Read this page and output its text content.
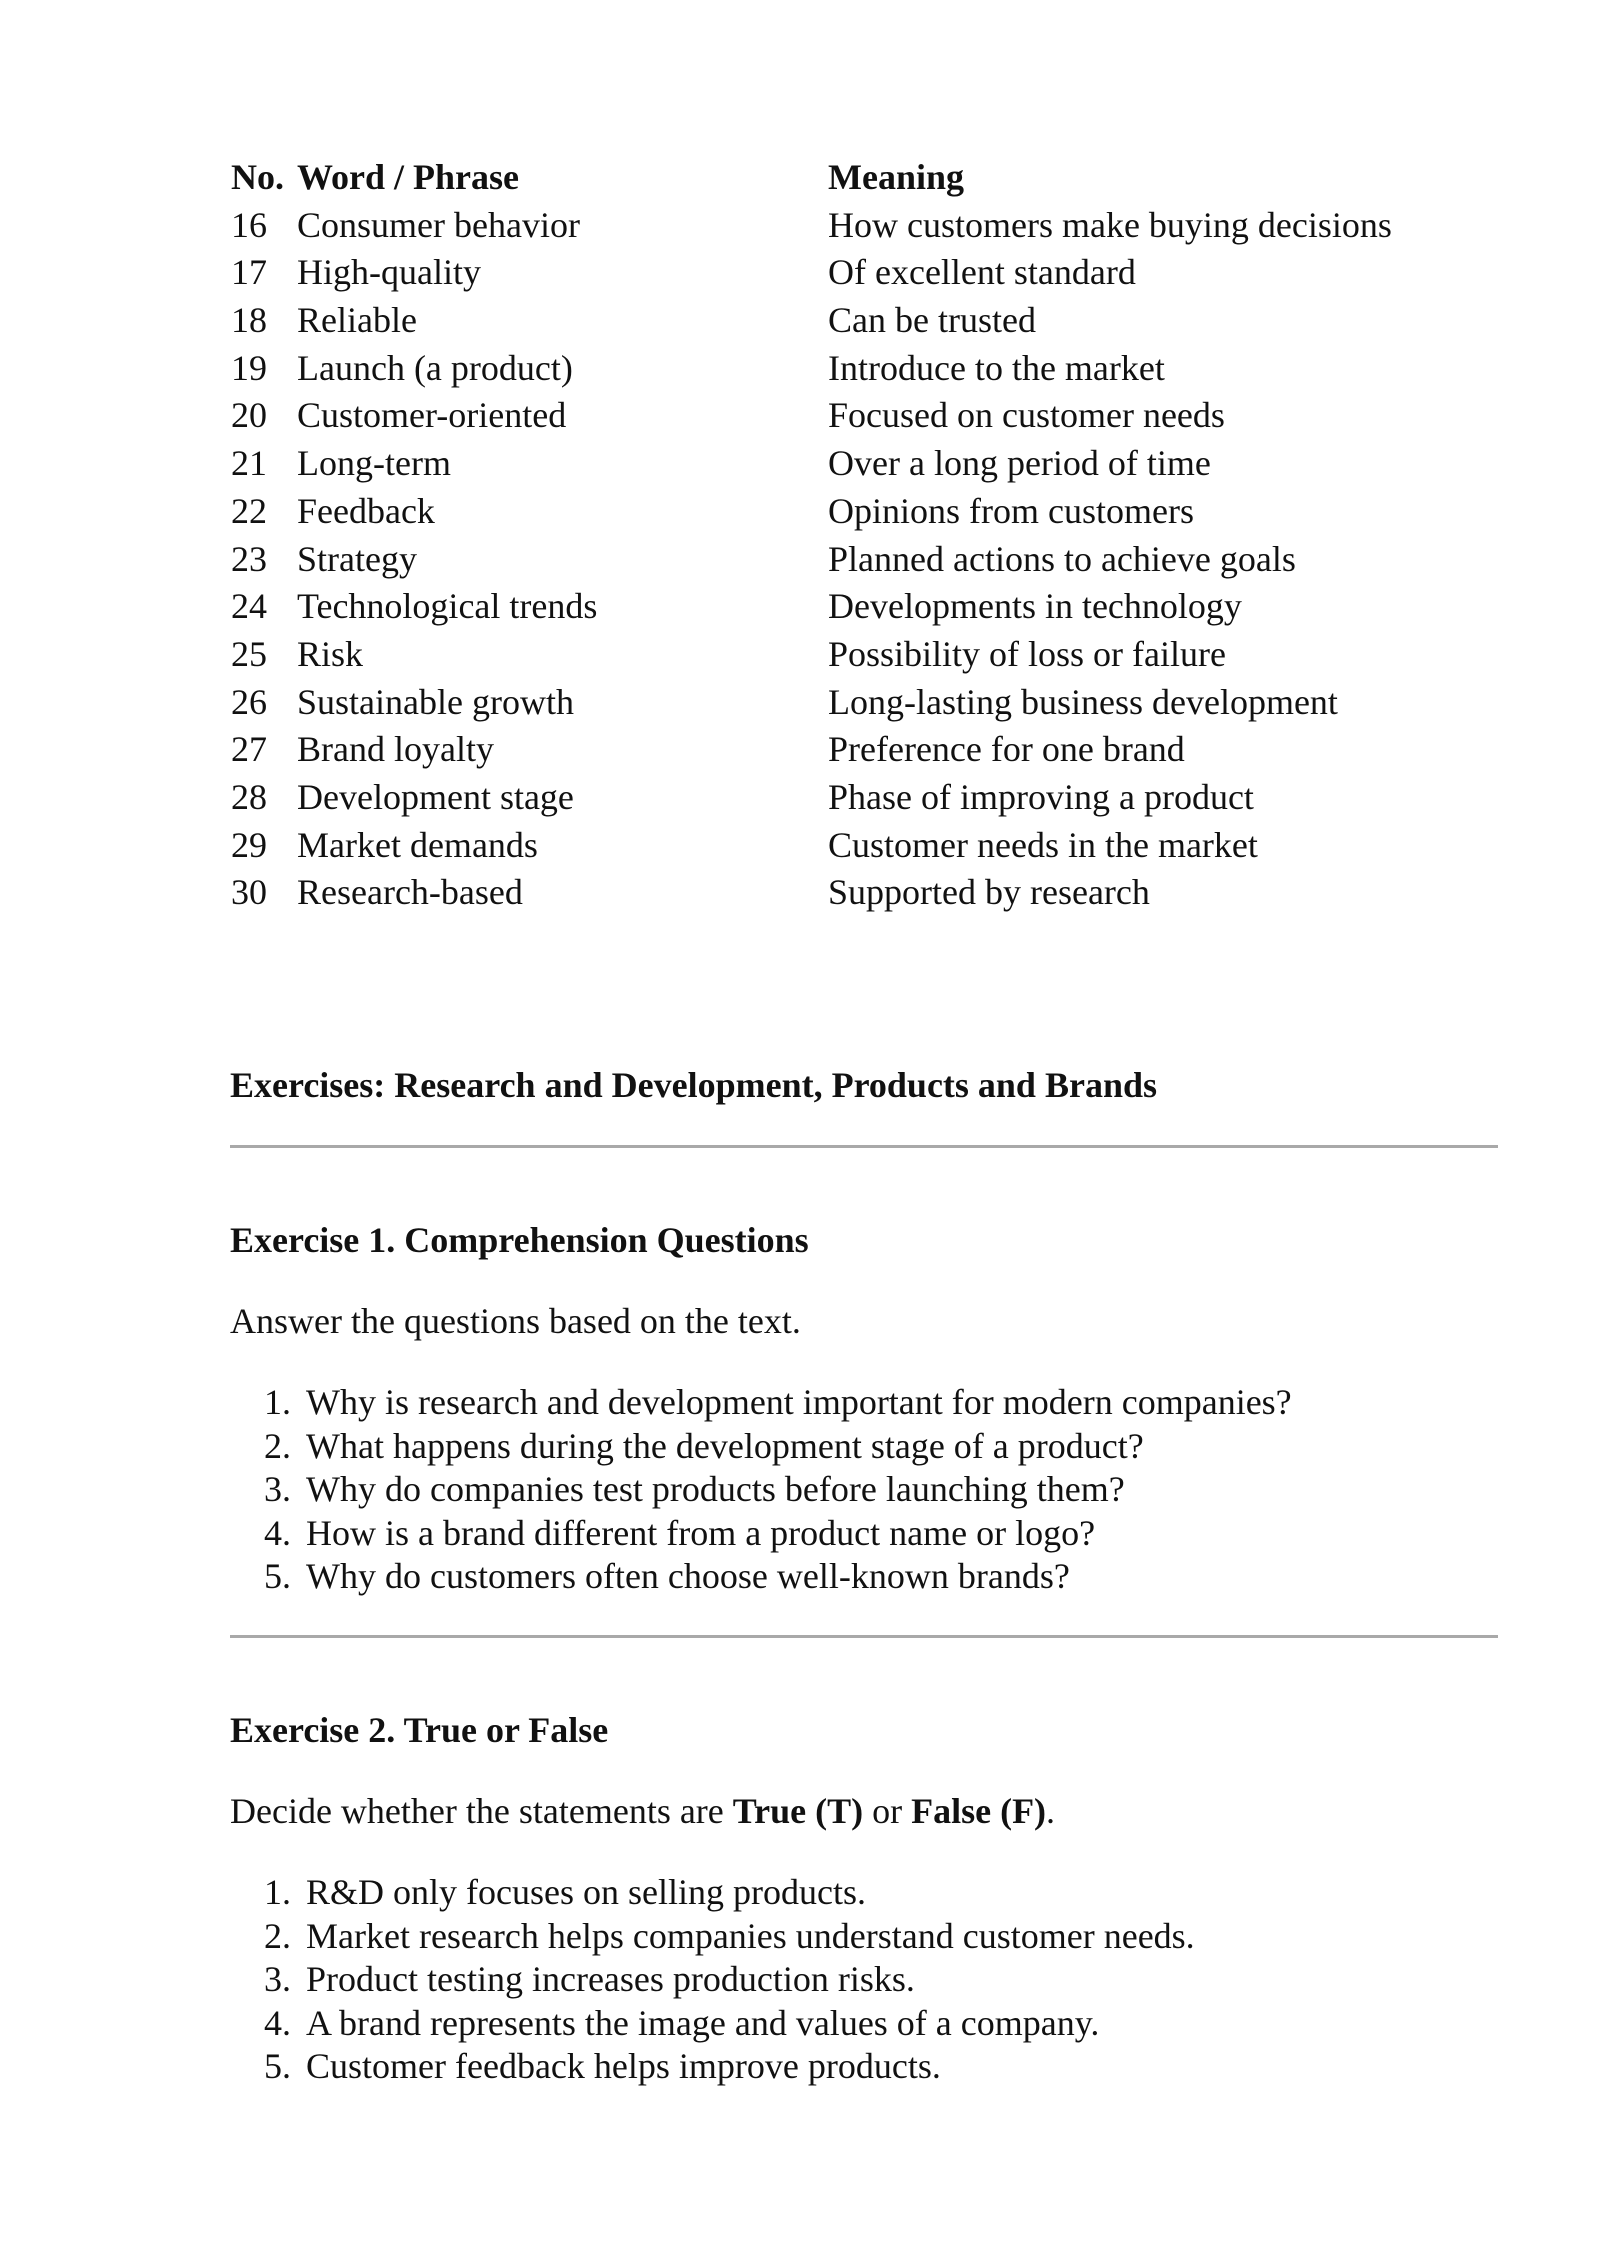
No. Word / Phrase	Meaning
16 Consumer behavior	How customers make buying decisions
17 High-quality	Of excellent standard
18 Reliable	Can be trusted
19 Launch (a product)	Introduce to the market
20 Customer-oriented	Focused on customer needs
21 Long-term	Over a long period of time
22 Feedback	Opinions from customers
23 Strategy	Planned actions to achieve goals
24 Technological trends	Developments in technology
25 Risk	Possibility of loss or failure
26 Sustainable growth	Long-lasting business development
27 Brand loyalty	Preference for one brand
28 Development stage	Phase of improving a product
29 Market demands	Customer needs in the market
30 Research-based	Supported by research
Exercises: Research and Development, Products and Brands
Exercise 1. Comprehension Questions
Answer the questions based on the text.
1. Why is research and development important for modern companies?
2. What happens during the development stage of a product?
3. Why do companies test products before launching them?
4. How is a brand different from a product name or logo?
5. Why do customers often choose well-known brands?
Exercise 2. True or False
Decide whether the statements are True (T) or False (F).
1. R&D only focuses on selling products.
2. Market research helps companies understand customer needs.
3. Product testing increases production risks.
4. A brand represents the image and values of a company.
5. Customer feedback helps improve products.
